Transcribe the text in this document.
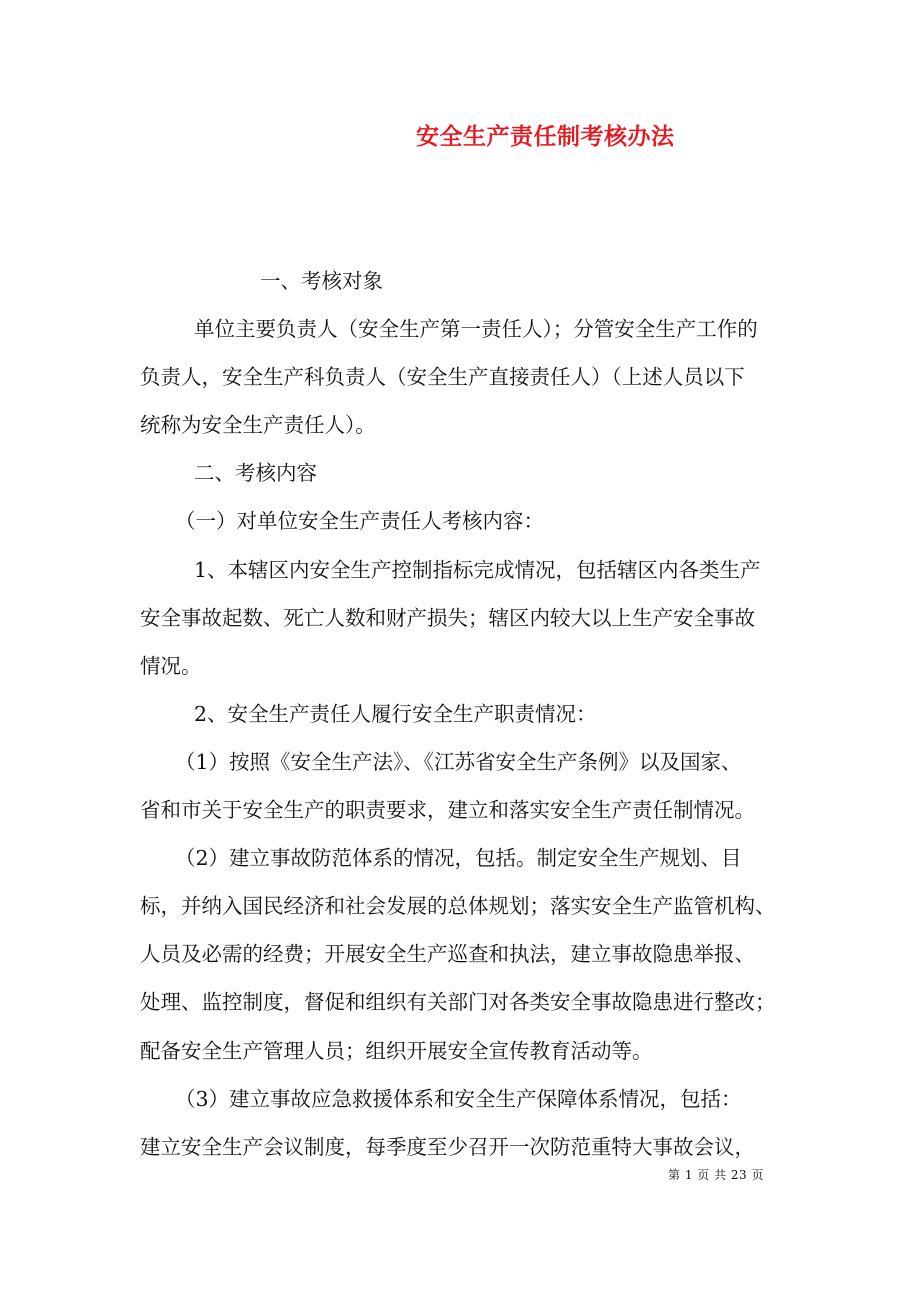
安全生产责任制考核办法
一、考核对象
单位主要负责人（安全生产第一责任人）；分管安全生产工作的
负责人，安全生产科负责人（安全生产直接责任人）（上述人员以下
统称为安全生产责任人）。
二、考核内容
（一）对单位安全生产责任人考核内容：
1、本辖区内安全生产控制指标完成情况，包括辖区内各类生产
安全事故起数、死亡人数和财产损失；辖区内较大以上生产安全事故
情况。
2、安全生产责任人履行安全生产职责情况：
（1）按照《安全生产法》、《江苏省安全生产条例》以及国家、
省和市关于安全生产的职责要求，建立和落实安全生产责任制情况。
（2）建立事故防范体系的情况，包括。制定安全生产规划、目
标，并纳入国民经济和社会发展的总体规划；落实安全生产监管机构、
人员及必需的经费；开展安全生产巡查和执法，建立事故隐患举报、
处理、监控制度，督促和组织有关部门对各类安全事故隐患进行整改；
配备安全生产管理人员；组织开展安全宣传教育活动等。
（3）建立事故应急救援体系和安全生产保障体系情况，包括：
建立安全生产会议制度，每季度至少召开一次防范重特大事故会议，
第 1 页 共 23 页
